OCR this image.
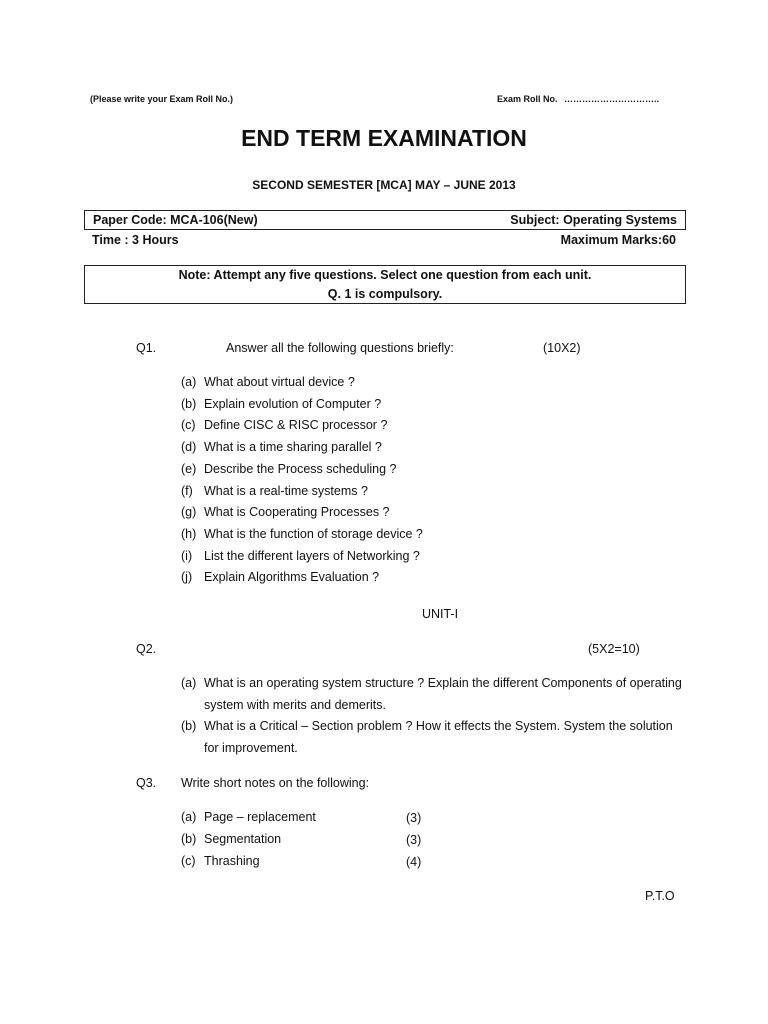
(Please write your Exam Roll No.)	Exam Roll No. …………………………..
END TERM EXAMINATION
SECOND SEMESTER [MCA] MAY – JUNE 2013
Paper Code: MCA-106(New)	Subject: Operating Systems
Time : 3 Hours	Maximum Marks:60
Note: Attempt any five questions. Select one question from each unit.
Q. 1 is compulsory.
Q1.	Answer all the following questions briefly:	(10X2)
(a) What about virtual device ?
(b) Explain evolution of Computer ?
(c) Define CISC & RISC processor ?
(d) What is a time sharing parallel ?
(e) Describe the Process scheduling ?
(f) What is a real-time systems ?
(g) What is Cooperating Processes ?
(h) What is the function of storage device ?
(i) List the different layers of Networking ?
(j) Explain Algorithms Evaluation ?
UNIT-I
Q2.	(5X2=10)
(a) What is an operating system structure ? Explain the different Components of operating system with merits and demerits.
(b) What is a Critical – Section problem ? How it effects the System. System the solution for improvement.
Q3. Write short notes on the following:
(a) Page – replacement	(3)
(b) Segmentation	(3)
(c) Thrashing	(4)
P.T.O
